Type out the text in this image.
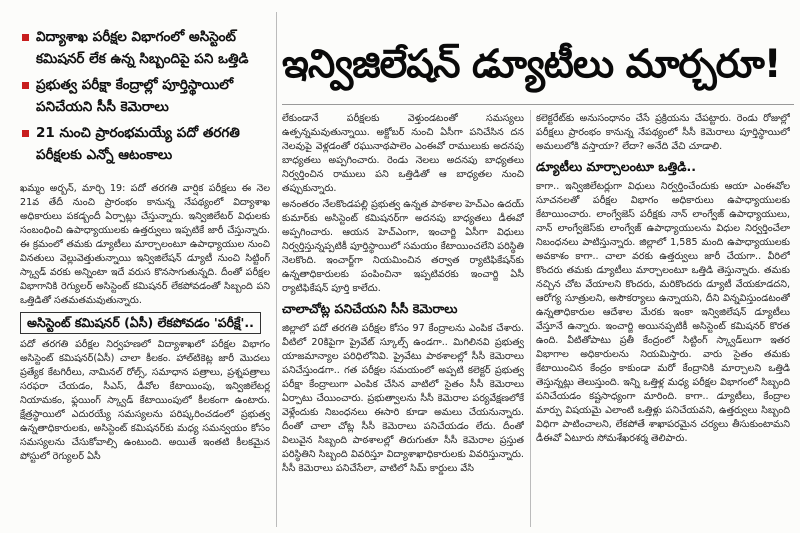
విద్యాశాఖ పరీక్షల విభాగంలో అసిస్టెంట్ కమిషనర్ లేక ఉన్న సిబ్బందిపై పని ఒత్తిడి
ప్రభుత్వ పరీక్షా కేంద్రాల్లో పూర్తిస్థాయిలో పనిచేయని సీసీ కెమెరాలు
21 నుంచి ప్రారంభమయ్యే పదో తరగతి పరీక్షలకు ఎన్నో ఆటంకాలు
ఇన్విజిలేషన్ డ్యూటీలు మార్చరూ!

ఖమ్మం అర్బన్, మార్చి 19: పదో తరగతి వార్షిక పరీక్షలు ఈ నెల 21వ తేదీ నుంచి ప్రారంభం కానున్న నేపథ్యంలో విద్యాశాఖ అధికారులు పకడ్బందీ ఏర్పాట్లు చేస్తున్నారు. ఇన్విజిలేటర్ విధులకు సంబంధించి ఉపాధ్యాయులకు ఉత్తర్వులు ఇప్పటికే జారీ చేస్తున్నారు. ఈ క్రమంలో తమకు డ్యూటీలు మార్చాలంటూ ఉపాధ్యాయుల నుంచి వినతులు వెల్లువెత్తుతున్నాయి ఇన్విజిలేషన్ డ్యూటీ నుంచి సిట్టింగ్ స్క్వాడ్ వరకు అన్నింటా ఇదే వరుస కొనసాగుతున్నది. దీంతో పరీక్షల విభాగానికి రెగ్యులర్ అసిస్టెంట్ కమిషనర్ లేకపోవడంతో సిబ్బంది పని ఒత్తిడితో సతమతమవుతున్నారు.

అసిస్టెంట్ కమిషనర్ (ఏసీ) లేకపోవడం 'పరీక్షే'..

పదో తరగతి పరీక్షల నిర్వహణలో విద్యాశాఖలో పరీక్షల విభాగం అసిస్టెంట్ కమిషనర్(ఏసీ) చాలా కీలకం. హాల్‌టికెట్ల జారీ మొదలు ప్రత్యేక కేటగిరీలు, నామినల్ రోల్స్, సమాధాన పత్రాలు, ప్రశ్నపత్రాలు సరఫరా చేయడం, సీఎస్, డీవోల కేటాయింపు, ఇన్విజిలేటర్ల నియామకం, ఫ్లయింగ్ స్క్వాడ్ కేటాయింపులో కీలకంగా ఉంటారు. క్షేత్రస్థాయిలో ఎదురయ్యే సమస్యలను పరిష్కరించడంలో ప్రభుత్వ ఉన్నతాధికారులకు, అసిస్టెంట్ కమిషనర్‌కు మధ్య సమన్వయం కోసం సమస్యలను చేసుకోవాల్సి ఉంటుంది. అయితే ఇంతటి కీలకమైన పోస్టులో రెగ్యులర్ ఏసీ

లేకుండానే పరీక్షలకు వెళ్తుండటంతో సమస్యలు ఉత్పన్నమవుతున్నాయి. అక్టోబర్ నుంచి ఏసీగా పనిచేసిన దన నెలవుపై వెళ్లడంతో రఘునాథపాలెం ఎంఈవో రాములుకు అదనపు బాధ్యతలు అప్పగించారు. రెండు నెలలు అదనపు బాధ్యతలు నిర్వర్తించిన రాములు పని ఒత్తిడితో ఆ బాధ్యతల నుంచి తప్పుకున్నారు.

అనంతరం నేలకొండపల్లి ప్రభుత్వ ఉన్నత పాఠశాల హెచ్ఎం ఉదయ్ కుమార్‌కు అసిస్టెంట్ కమిషనర్‌గా అదనపు బాధ్యతలు డీఈవో అప్పగించారు. ఆయన హెచ్ఎంగా, ఇంచార్జి ఏసీగా విధులు నిర్వర్తిస్తున్నప్పటికీ పూర్తిస్థాయిలో సమయం కేటాయించలేని పరిస్థితి నెలకొంది. ఇంచార్జ్‌గా నియమించిన తర్వాత ర్యాటిఫికేషన్‌కు ఉన్నతాధికారులకు పంపించినా ఇప్పటివరకు ఇంచార్జి ఏసీ ర్యాటిఫికేషన్ పూర్తి కాలేదు.

చాలాచోట్ల పనిచేయని సీసీ కెమెరాలు

జిల్లాలో పదో తరగతి పరీక్షల కోసం 97 కేంద్రాలను ఎంపిక చేశారు. వీటిలో 20కిపైగా ప్రైవేట్ స్కూల్స్ ఉండగా.. మిగిలినవి ప్రభుత్వ యాజమాన్యాల పరిధిలోనివి. ప్రైవేటు పాఠశాలల్లో సీసీ కెమెరాలు పనిచేస్తుండగా.. గత పరీక్షల సమయంలో అప్పటి కలెక్టర్ ప్రభుత్వ పరీక్షా కేంద్రాలుగా ఎంపిక చేసిన వాటిలో సైతం సీసీ కెమెరాలు ఏర్పాటు చేయించారు. ప్రభుత్వాలను సీసీ కెమెరాల పర్యవేక్షణలోకే వెళ్లేందుకు నిబంధనలు ఈసారి కూడా అమలు చేయనున్నారు. దీంతో చాలా చోట్ల సీసీ కెమెరాలు పనిచేయడం లేదు. దీంతో విలువైన సిబ్బంది పాఠశాలల్లో తిరుగుతూ సీసీ కెమెరాల ప్రస్తుత పరిస్థితిని సిబ్బంది వివరిస్తూ విద్యాశాఖాధికారులకు వివరిస్తున్నారు. సీసీ కెమెరాలు పనిచేసేలా, వాటిలో సిమ్ కార్డులు వేసి

కలెక్టరేట్‌కు అనుసంధానం చేసే ప్రక్రియను చేపట్టారు. రెండు రోజుల్లో పరీక్షలు ప్రారంభం కానున్న నేపథ్యంలో సీసీ కెమెరాలు పూర్తిస్థాయిలో అమలులోకి వస్తాయా? లేదా? అనేది వేచి చూడాలి.

డ్యూటీలు మార్చాలంటూ ఒత్తిడి..

కాగా.. ఇన్విజిలేటర్లుగా విధులు నిర్వర్తించేందుకు ఆయా ఎంఈవోల సూచనలతో పరీక్షల విభాగం అధికారులు ఉపాధ్యాయులకు కేటాయించారు. లాంగ్వేజెస్ పరీక్షకు నాన్ లాంగ్వేజ్ ఉపాధ్యాయులు, నాన్ లాంగ్వేజెస్‌కు లాంగ్వేజ్ ఉపాధ్యాయులను విధుల నిర్వర్తించేలా నిబంధనలు పాటిస్తున్నారు. జిల్లాలో 1,585 మంది ఉపాధ్యాయులకు అవకాశం కాగా.. చాలా వరకు ఉత్తర్వులు జారీ చేయగా.. వీరిలో కొందరు తమకు డ్యూటీలు మార్చాలంటూ ఒత్తిడి తెస్తున్నారు. తమకు నచ్చిన చోట వేయాలని కొందరు, మరికొందరు డ్యూటీ వేయకూడదని, ఆరోగ్య సూత్రులని, అసౌకర్యాలు ఉన్నాయని, దీని విన్నవిస్తుండటంతో ఉన్నతాధికారుల ఆదేశాల మేరకు ఇంకా ఇన్విజిలేషన్ డ్యూటీలు వేస్తూనే ఉన్నారు. ఇంచార్జి అయినప్పటికీ అసిస్టెంట్ కమిషనర్ కొరత ఉంది. వీటితోపాటు ప్రతీ కేంద్రంలో సిట్టింగ్ స్క్వాడ్‌లుగా ఇతర విభాగాల అధికారులను నియమిస్తారు. వారు సైతం తమకు కేటాయించిన కేంద్రం కాకుండా మరో కేంద్రానికి మార్చాలని ఒత్తిడి తెస్తున్నట్లు తెలుస్తుంది. ఇన్ని ఒత్తిళ్ల మధ్య పరీక్షల విభాగంలో సిబ్బంది పనిచేయడం కష్టసాధ్యంగా మారింది. కాగా.. డ్యూటీలు, కేంద్రాల మార్పు విషయమై ఎలాంటి ఒత్తిళ్లు పనిచేయవని, ఉత్తర్వులు సిబ్బంది విధిగా పాటించాలని, లేకపోతే శాఖాపరమైన చర్యలు తీసుకుంటామని డీఈవో ఏటూరు సోమశేఖరశర్మ తెలిపారు.
